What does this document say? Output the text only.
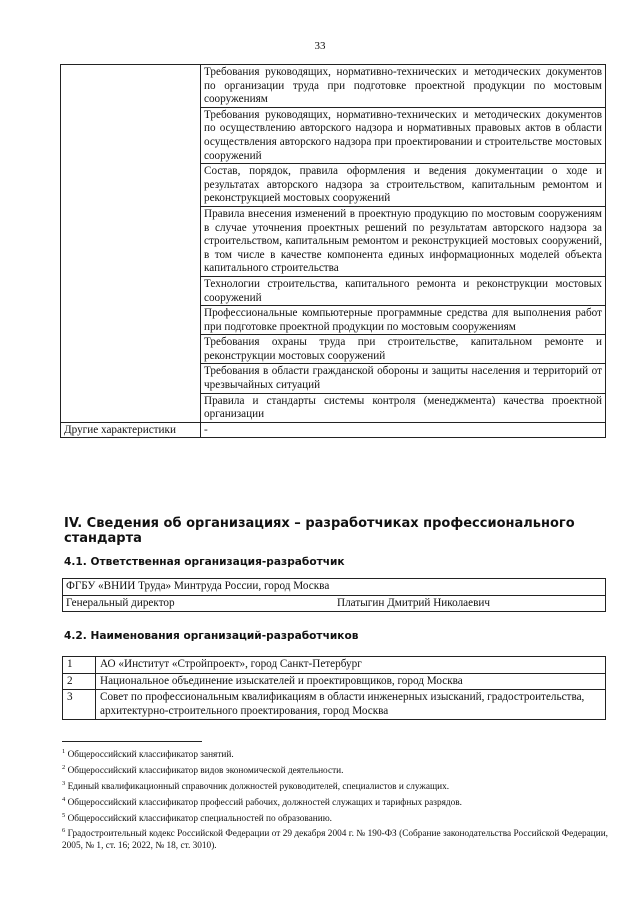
33
	Требования руководящих, нормативно-технических и методических документов по организации труда при подготовке проектной продукции по мостовым сооружениям
	Требования руководящих, нормативно-технических и методических документов по осуществлению авторского надзора и нормативных правовых актов в области осуществления авторского надзора при проектировании и строительстве мостовых сооружений
	Состав, порядок, правила оформления и ведения документации о ходе и результатах авторского надзора за строительством, капитальным ремонтом и реконструкцией мостовых сооружений
	Правила внесения изменений в проектную продукцию по мостовым сооружениям в случае уточнения проектных решений по результатам авторского надзора за строительством, капитальным ремонтом и реконструкцией мостовых сооружений, в том числе в качестве компонента единых информационных моделей объекта капитального строительства
	Технологии строительства, капитального ремонта и реконструкции мостовых сооружений
	Профессиональные компьютерные программные средства для выполнения работ при подготовке проектной продукции по мостовым сооружениям
	Требования охраны труда при строительстве, капитальном ремонте и реконструкции мостовых сооружений
	Требования в области гражданской обороны и защиты населения и территорий от чрезвычайных ситуаций
	Правила и стандарты системы контроля (менеджмента) качества проектной организации
Другие характеристики	-
IV. Сведения об организациях – разработчиках профессионального стандарта
4.1. Ответственная организация-разработчик
ФГБУ «ВНИИ Труда» Минтруда России, город Москва
Генеральный директор	Платыгин Дмитрий Николаевич
4.2. Наименования организаций-разработчиков
1	АО «Институт «Стройпроект», город Санкт-Петербург
2	Национальное объединение изыскателей и проектировщиков, город Москва
3	Совет по профессиональным квалификациям в области инженерных изысканий, градостроительства, архитектурно-строительного проектирования, город Москва
$^1$ Общероссийский классификатор занятий.
$^2$ Общероссийский классификатор видов экономической деятельности.
$^3$ Единый квалификационный справочник должностей руководителей, специалистов и служащих.
$^4$ Общероссийский классификатор профессий рабочих, должностей служащих и тарифных разрядов.
$^5$ Общероссийский классификатор специальностей по образованию.
$^6$ Градостроительный кодекс Российской Федерации от 29 декабря 2004 г. № 190-ФЗ (Собрание законодательства Российской Федерации, 2005, № 1, ст. 16; 2022, № 18, ст. 3010).
